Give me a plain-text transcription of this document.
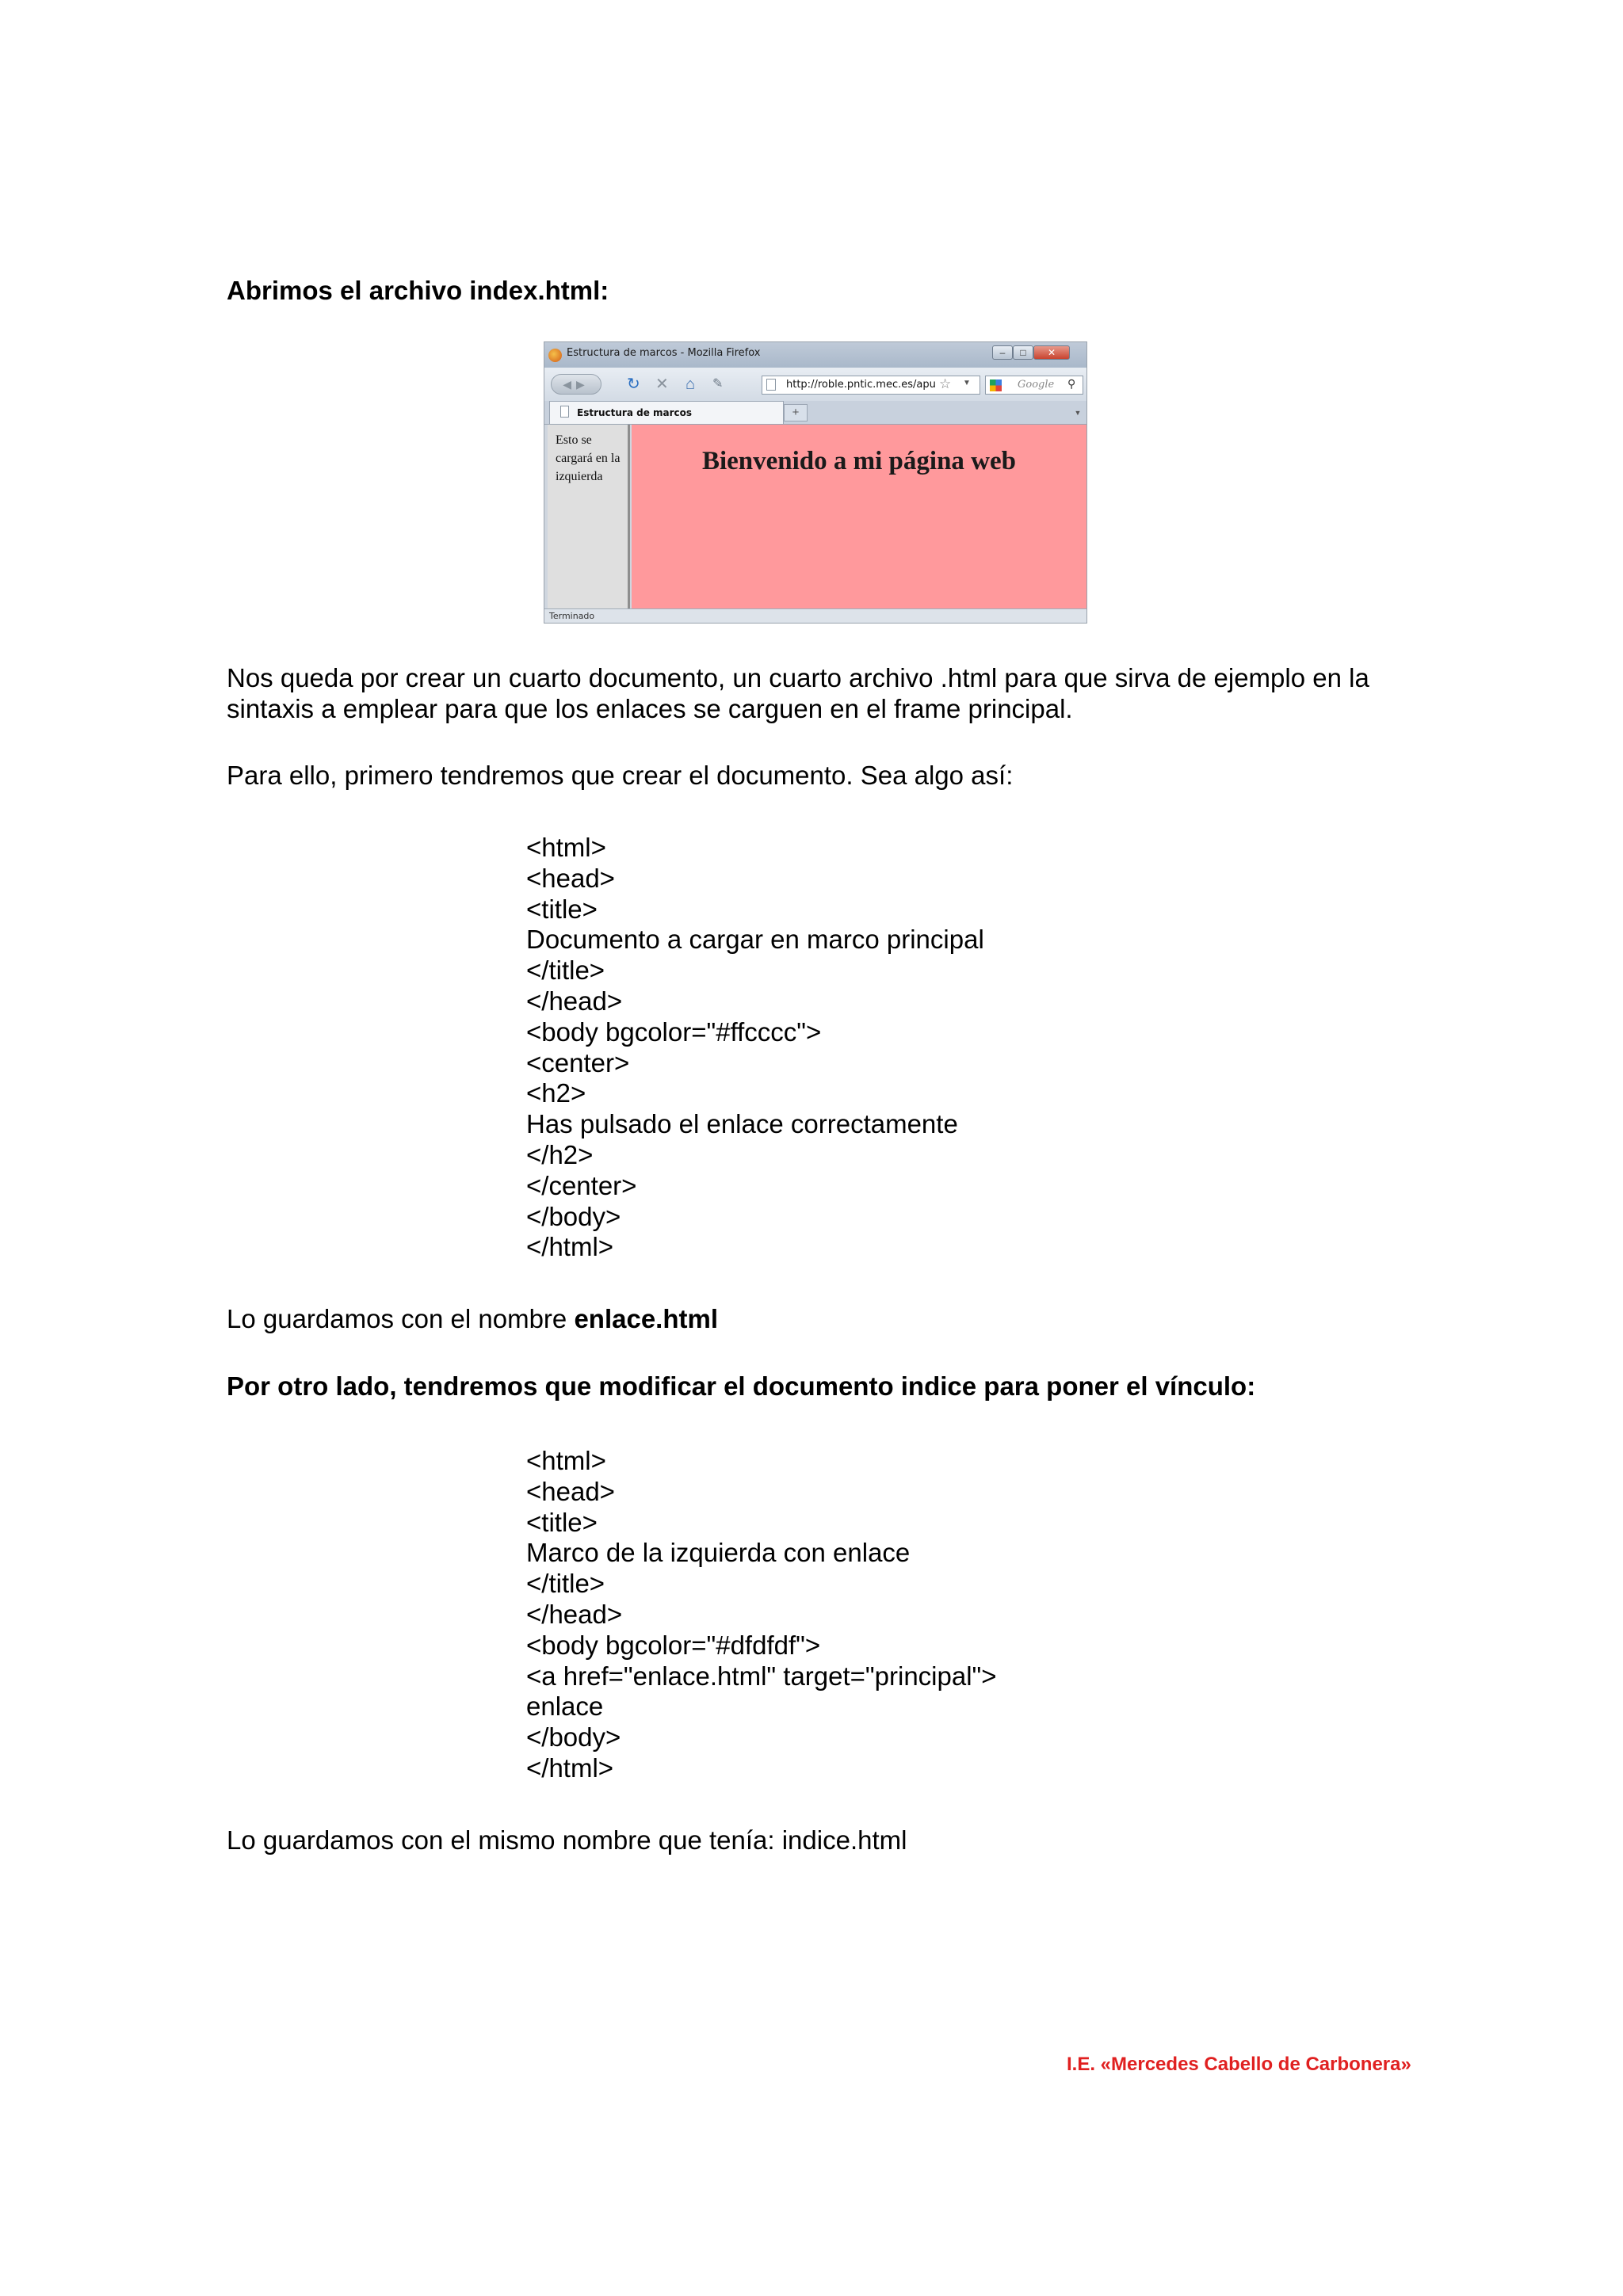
Abrimos el archivo index.html:
Estructura de marcos - Mozilla Firefox	–	□	✕
◀▶	↻ ✕ ⌂ ✎	http://roble.pntic.mec.es/apu ☆ ▼	Google	⚲
Estructura de marcos	+	▼
Esto se cargará en la izquierda
Bienvenido a mi página web
Terminado
Nos queda por crear un cuarto documento, un cuarto archivo .html para que sirva de ejemplo en la sintaxis a emplear para que los enlaces se carguen en el frame principal.
Para ello, primero tendremos que crear el documento. Sea algo así:
<html>
<head>
<title>
Documento a cargar en marco principal
</title>
</head>
<body bgcolor="#ffcccc">
<center>
<h2>
Has pulsado el enlace correctamente
</h2>
</center>
</body>
</html>
Lo guardamos con el nombre enlace.html
Por otro lado, tendremos que modificar el documento indice para poner el vínculo:
<html>
<head>
<title>
Marco de la izquierda con enlace
</title>
</head>
<body bgcolor="#dfdfdf">
<a href="enlace.html" target="principal">
enlace
</body>
</html>
Lo guardamos con el mismo nombre que tenía: indice.html
I.E. «Mercedes Cabello de Carbonera»
